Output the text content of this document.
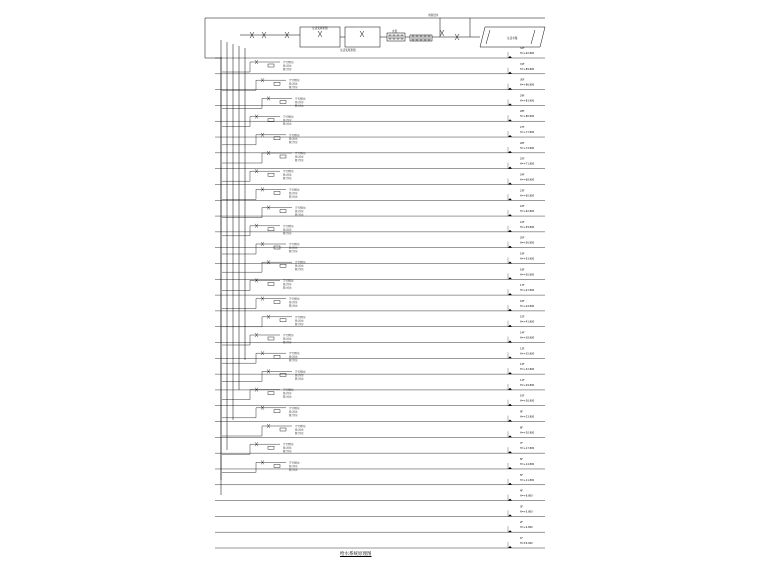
生活变频泵组
生活变频泵组
水表
生活水箱
市政给水
卫生间给水
厨房给水
阳台给水
卫生间给水
厨房给水
阳台给水
卫生间给水
厨房给水
阳台给水
卫生间给水
厨房给水
阳台给水
卫生间给水
厨房给水
阳台给水
卫生间给水
厨房给水
阳台给水
卫生间给水
厨房给水
阳台给水
卫生间给水
厨房给水
阳台给水
卫生间给水
厨房给水
阳台给水
卫生间给水
厨房给水
阳台给水
卫生间给水
厨房给水
阳台给水
卫生间给水
厨房给水
阳台给水
卫生间给水
厨房给水
阳台给水
卫生间给水
厨房给水
阳台给水
卫生间给水
厨房给水
阳台给水
卫生间给水
厨房给水
阳台给水
卫生间给水
厨房给水
阳台给水
卫生间给水
厨房给水
阳台给水
卫生间给水
厨房给水
阳台给水
卫生间给水
厨房给水
阳台给水
卫生间给水
厨房给水
阳台给水
卫生间给水
厨房给水
阳台给水
卫生间给水
厨房给水
阳台给水
32F
H=+92.800
31F
H=+89.800
30F
H=+86.800
29F
H=+83.800
28F
H=+80.800
27F
H=+77.800
26F
H=+74.800
25F
H=+71.800
24F
H=+68.800
23F
H=+65.800
22F
H=+62.800
21F
H=+59.800
20F
H=+56.800
19F
H=+53.800
18F
H=+50.800
17F
H=+47.800
16F
H=+44.800
15F
H=+41.800
14F
H=+38.800
13F
H=+35.800
12F
H=+32.800
11F
H=+29.800
10F
H=+26.800
9F
H=+23.800
8F
H=+20.800
7F
H=+17.800
6F
H=+14.800
5F
H=+11.800
4F
H=+8.800
3F
H=+5.800
2F
H=+2.800
1F
H=±0.000
给水系统原理图
